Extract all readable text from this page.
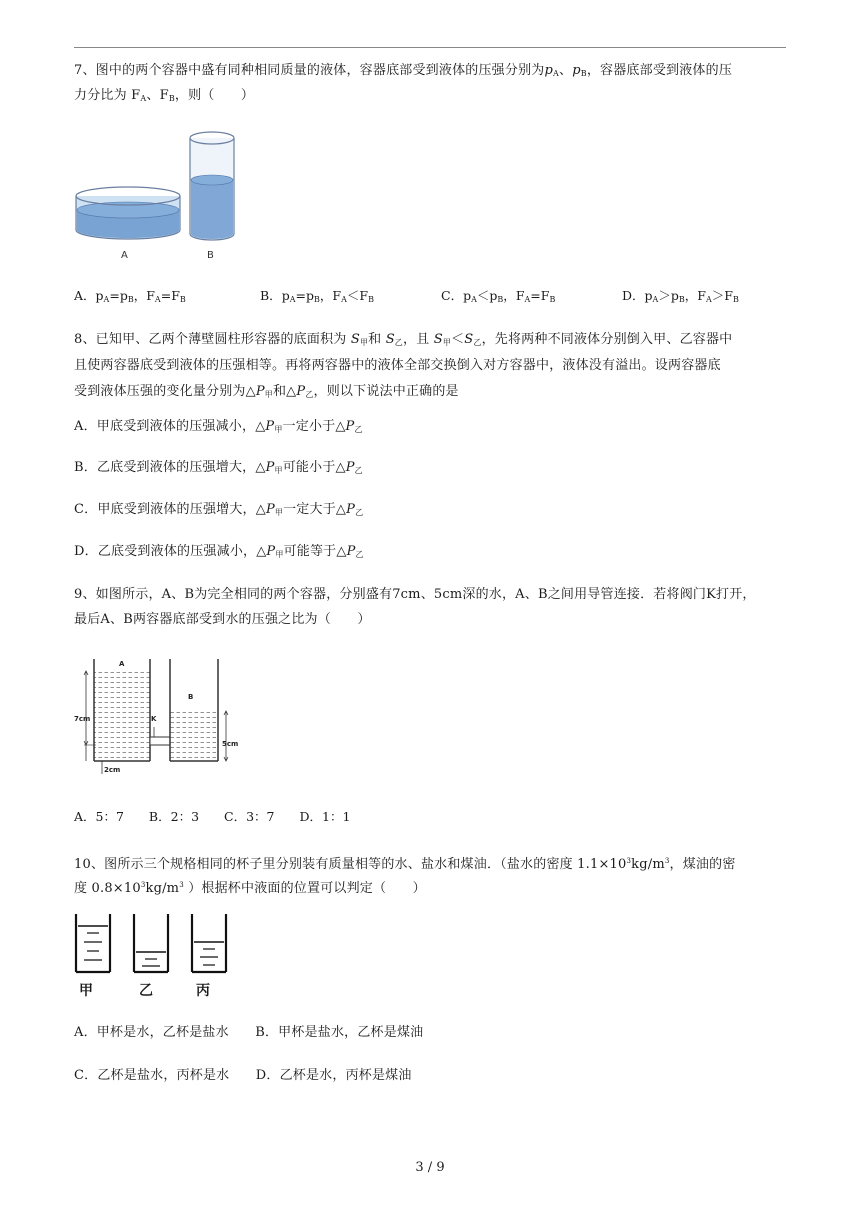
7、图中的两个容器中盛有同种相同质量的液体，容器底部受到液体的压强分别为$p_A$、$p_B$，容器底部受到液体的压
力分比为 $F_A$、$F_B$，则（　　）
A	B
A．$p_A=p_B$，$F_A=F_B$	B．$p_A=p_B$，$F_A<F_B$	C．$p_A<p_B$，$F_A=F_B$	D．$p_A>p_B$，$F_A>F_B$
8、已知甲、乙两个薄壁圆柱形容器的底面积为 $S_甲$和 $S_乙$，且 $S_甲<S_乙$，先将两种不同液体分别倒入甲、乙容器中
且使两容器底受到液体的压强相等。再将两容器中的液体全部交换倒入对方容器中，液体没有溢出。设两容器底
受到液体压强的变化量分别为$\triangle P_甲$和$\triangle P_乙$，则以下说法中正确的是
A．甲底受到液体的压强减小，$\triangle P_甲$一定小于$\triangle P_乙$
B．乙底受到液体的压强增大，$\triangle P_甲$可能小于$\triangle P_乙$
C．甲底受到液体的压强增大，$\triangle P_甲$一定大于$\triangle P_乙$
D．乙底受到液体的压强减小，$\triangle P_甲$可能等于$\triangle P_乙$
9、如图所示，A、B为完全相同的两个容器，分别盛有7cm、5cm深的水，A、B之间用导管连接．若将阀门K打开，
最后A、B两容器底部受到水的压强之比为（　　）
A
7cm
2cm
K
B
5cm
A．5：7　　B．2：3　　C．3：7　　D．1：1
10、图所示三个规格相同的杯子里分别装有质量相等的水、盐水和煤油．（盐水的密度 $1.1\times 10^3kg/m^3$，煤油的密
度 $0.8\times 10^3kg/m^3$ ）根据杯中液面的位置可以判定（　　）
甲	乙	丙
A．甲杯是水，乙杯是盐水　　B．甲杯是盐水，乙杯是煤油
C．乙杯是盐水，丙杯是水　　D．乙杯是水，丙杯是煤油
3 / 9
